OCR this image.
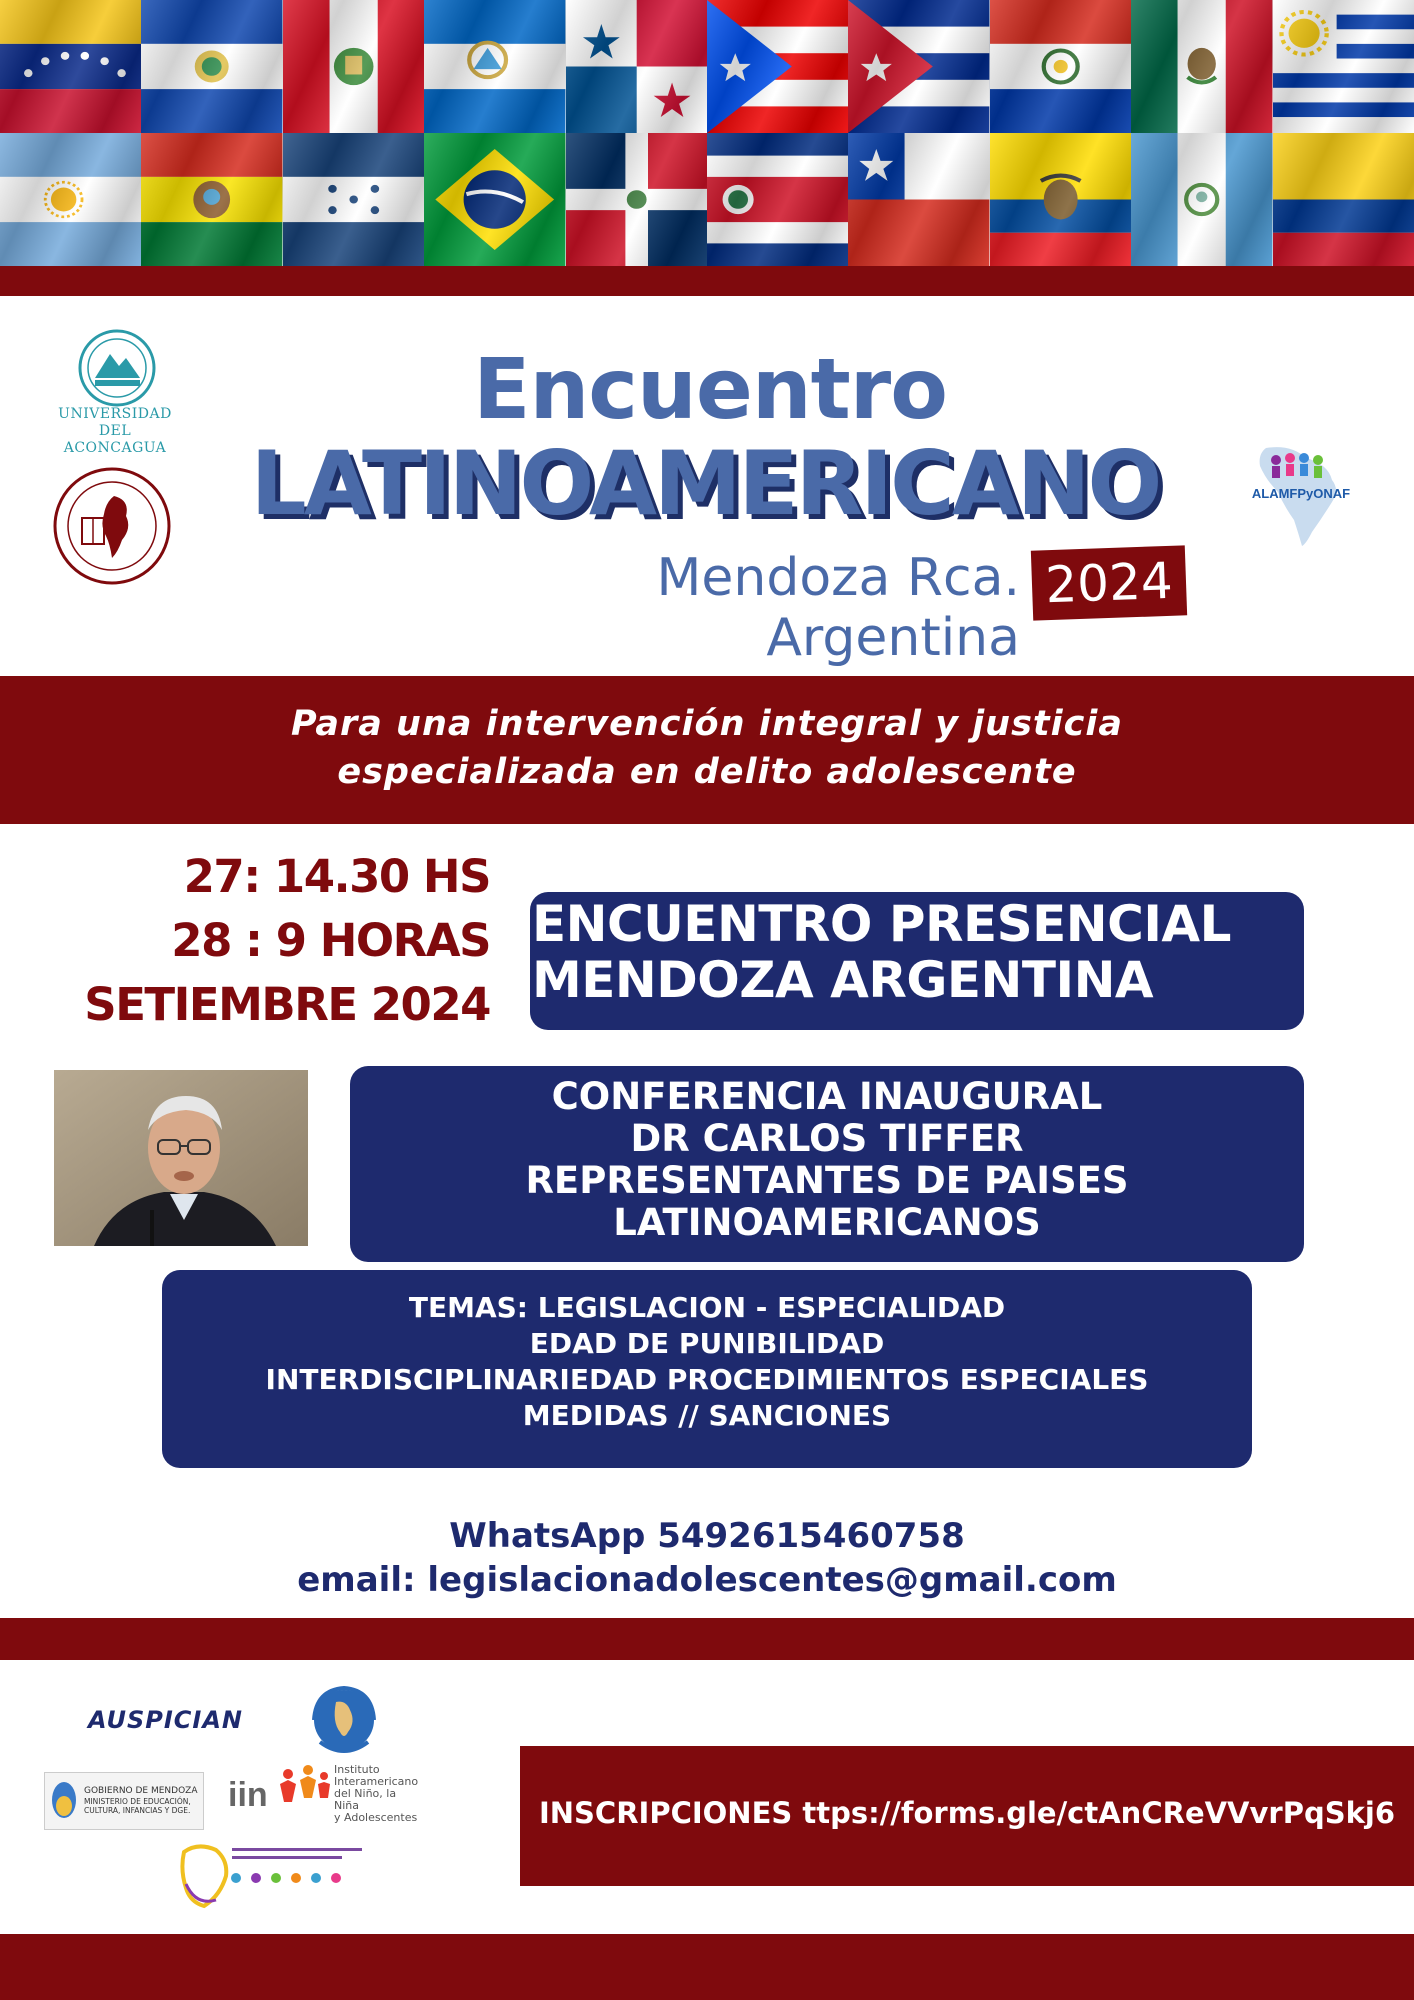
UNIVERSIDAD DEL
ACONCAGUA
ALAMFPyONAF
Encuentro
LATINOAMERICANO
Mendoza Rca. Argentina
2024
Para una intervención integral y justicia
especializada en delito adolescente
27: 14.30 HS
28 : 9 HORAS
SETIEMBRE 2024
ENCUENTRO PRESENCIAL
MENDOZA ARGENTINA
CONFERENCIA INAUGURAL
DR CARLOS TIFFER
REPRESENTANTES DE PAISES
LATINOAMERICANOS
TEMAS: LEGISLACION - ESPECIALIDAD
EDAD DE PUNIBILIDAD
INTERDISCIPLINARIEDAD PROCEDIMIENTOS ESPECIALES
MEDIDAS // SANCIONES
WhatsApp 5492615460758
email: legislacionadolescentes@gmail.com
AUSPICIAN
GOBIERNO DE MENDOZA
MINISTERIO DE EDUCACIÓN,
CULTURA, INFANCIAS Y DGE.	iin
Instituto
Interamericano
del Niño, la Niña
y Adolescentes	INSCRIPCIONES ttps://forms.gle/ctAnCReVVvrPqSkj6
